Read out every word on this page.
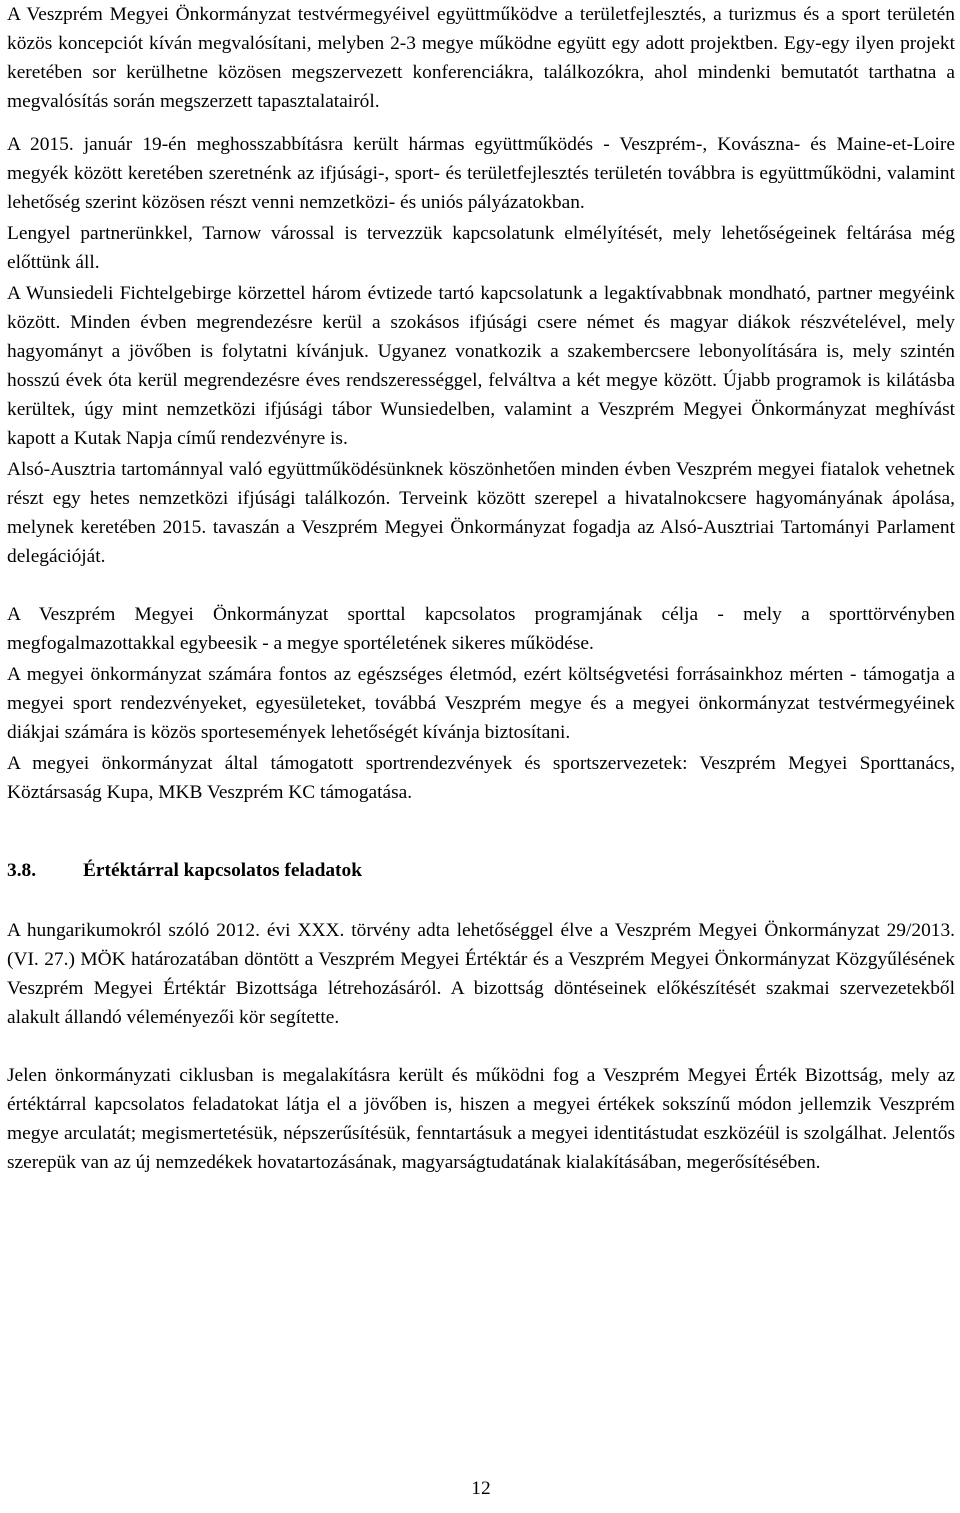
A Veszprém Megyei Önkormányzat testvérmegyéivel együttműködve a területfejlesztés, a turizmus és a sport területén közös koncepciót kíván megvalósítani, melyben 2-3 megye működne együtt egy adott projektben. Egy-egy ilyen projekt keretében sor kerülhetne közösen megszervezett konferenciákra, találkozókra, ahol mindenki bemutatót tarthatna a megvalósítás során megszerzett tapasztalatairól.

A 2015. január 19-én meghosszabbításra került hármas együttműködés - Veszprém-, Kovászna- és Maine-et-Loire megyék között keretében szeretnénk az ifjúsági-, sport- és területfejlesztés területén továbbra is együttműködni, valamint lehetőség szerint közösen részt venni nemzetközi- és uniós pályázatokban.

Lengyel partnerünkkel, Tarnow várossal is tervezzük kapcsolatunk elmélyítését, mely lehetőségeinek feltárása még előttünk áll.

A Wunsiedeli Fichtelgebirge körzettel három évtizede tartó kapcsolatunk a legaktívabbnak mondható, partner megyéink között. Minden évben megrendezésre kerül a szokásos ifjúsági csere német és magyar diákok részvételével, mely hagyományt a jövőben is folytatni kívánjuk. Ugyanez vonatkozik a szakembercsere lebonyolítására is, mely szintén hosszú évek óta kerül megrendezésre éves rendszerességgel, felváltva a két megye között. Újabb programok is kilátásba kerültek, úgy mint nemzetközi ifjúsági tábor Wunsiedelben, valamint a Veszprém Megyei Önkormányzat meghívást kapott a Kutak Napja című rendezvényre is.

Alsó-Ausztria tartománnyal való együttműködésünknek köszönhetően minden évben Veszprém megyei fiatalok vehetnek részt egy hetes nemzetközi ifjúsági találkozón. Terveink között szerepel a hivatalnokcsere hagyományának ápolása, melynek keretében 2015. tavaszán a Veszprém Megyei Önkormányzat fogadja az Alsó-Ausztriai Tartományi Parlament delegációját.

A Veszprém Megyei Önkormányzat sporttal kapcsolatos programjának célja - mely a sporttörvényben megfogalmazottakkal egybeesik - a megye sportéletének sikeres működése.

A megyei önkormányzat számára fontos az egészséges életmód, ezért költségvetési forrásainkhoz mérten - támogatja a megyei sport rendezvényeket, egyesületeket, továbbá Veszprém megye és a megyei önkormányzat testvérmegyéinek diákjai számára is közös sportesemények lehetőségét kívánja biztosítani.

A megyei önkormányzat által támogatott sportrendezvények és sportszervezetek: Veszprém Megyei Sporttanács, Köztársaság Kupa, MKB Veszprém KC támogatása.

3.8.	Értéktárral kapcsolatos feladatok

A hungarikumokról szóló 2012. évi XXX. törvény adta lehetőséggel élve a Veszprém Megyei Önkormányzat 29/2013. (VI. 27.) MÖK határozatában döntött a Veszprém Megyei Értéktár és a Veszprém Megyei Önkormányzat Közgyűlésének Veszprém Megyei Értéktár Bizottsága létrehozásáról. A bizottság döntéseinek előkészítését szakmai szervezetekből alakult állandó véleményezői kör segítette.

Jelen önkormányzati ciklusban is megalakításra került és működni fog a Veszprém Megyei Érték Bizottság, mely az értéktárral kapcsolatos feladatokat látja el a jövőben is, hiszen a megyei értékek sokszínű módon jellemzik Veszprém megye arculatát; megismertetésük, népszerűsítésük, fenntartásuk a megyei identitástudat eszközéül is szolgálhat. Jelentős szerepük van az új nemzedékek hovatartozásának, magyarságtudatának kialakításában, megerősítésében.

12
